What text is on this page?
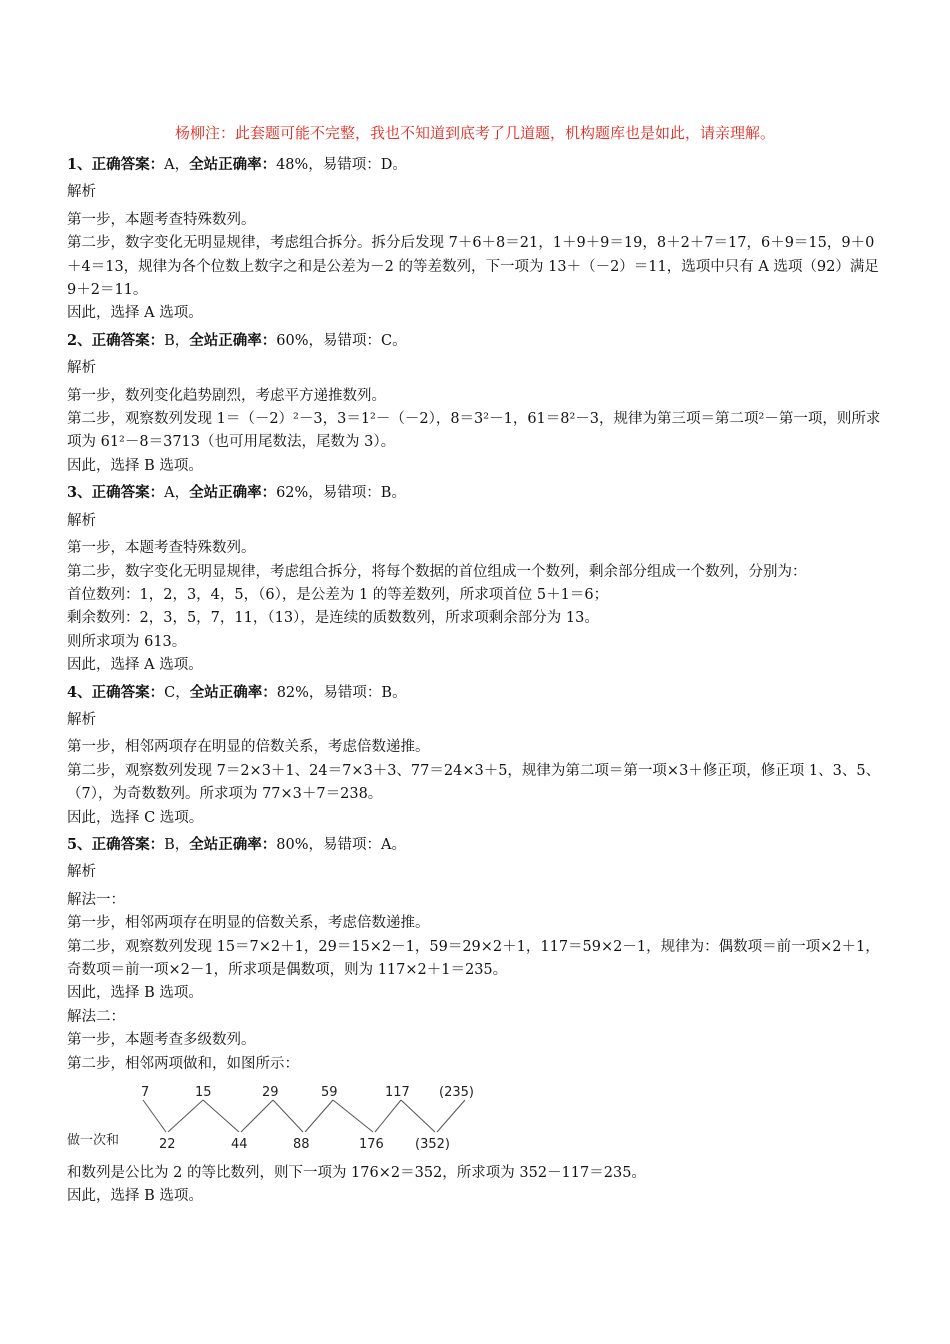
杨柳注：此套题可能不完整，我也不知道到底考了几道题，机构题库也是如此，请亲理解。

1、正确答案：A，全站正确率：48%，易错项：D。

解析

第一步，本题考查特殊数列。

第二步，数字变化无明显规律，考虑组合拆分。拆分后发现 7＋6＋8＝21，1＋9＋9＝19，8＋2＋7＝17，6＋9＝15，9＋0＋4＝13，规律为各个位数上数字之和是公差为－2 的等差数列，下一项为 13＋（－2）＝11，选项中只有 A 选项（92）满足 9＋2＝11。

因此，选择 A 选项。

2、正确答案：B，全站正确率：60%，易错项：C。

解析

第一步，数列变化趋势剧烈，考虑平方递推数列。

第二步，观察数列发现 1＝（－2）²－3，3＝1²－（－2），8＝3²－1，61＝8²－3，规律为第三项＝第二项²－第一项，则所求项为 61²－8＝3713（也可用尾数法，尾数为 3）。

因此，选择 B 选项。

3、正确答案：A，全站正确率：62%，易错项：B。

解析

第一步，本题考查特殊数列。

第二步，数字变化无明显规律，考虑组合拆分，将每个数据的首位组成一个数列，剩余部分组成一个数列，分别为：

首位数列：1，2，3，4，5，（6），是公差为 1 的等差数列，所求项首位 5＋1＝6；

剩余数列：2，3，5，7，11，（13），是连续的质数数列，所求项剩余部分为 13。

则所求项为 613。

因此，选择 A 选项。

4、正确答案：C，全站正确率：82%，易错项：B。

解析

第一步，相邻两项存在明显的倍数关系，考虑倍数递推。

第二步，观察数列发现 7＝2×3＋1、24＝7×3＋3、77＝24×3＋5，规律为第二项＝第一项×3＋修正项，修正项 1、3、5、（7），为奇数数列。所求项为 77×3＋7＝238。

因此，选择 C 选项。

5、正确答案：B，全站正确率：80%，易错项：A。

解析

解法一：

第一步，相邻两项存在明显的倍数关系，考虑倍数递推。

第二步，观察数列发现 15＝7×2＋1，29＝15×2－1，59＝29×2＋1，117＝59×2－1，规律为：偶数项＝前一项×2＋1，奇数项＝前一项×2－1，所求项是偶数项，则为 117×2＋1＝235。

因此，选择 B 选项。

解法二：

第一步，本题考查多级数列。

第二步，相邻两项做和，如图所示：

7	15	29	59	117 (235)
做一次和	22	44	88	176 (352)

和数列是公比为 2 的等比数列，则下一项为 176×2＝352，所求项为 352－117＝235。

因此，选择 B 选项。
